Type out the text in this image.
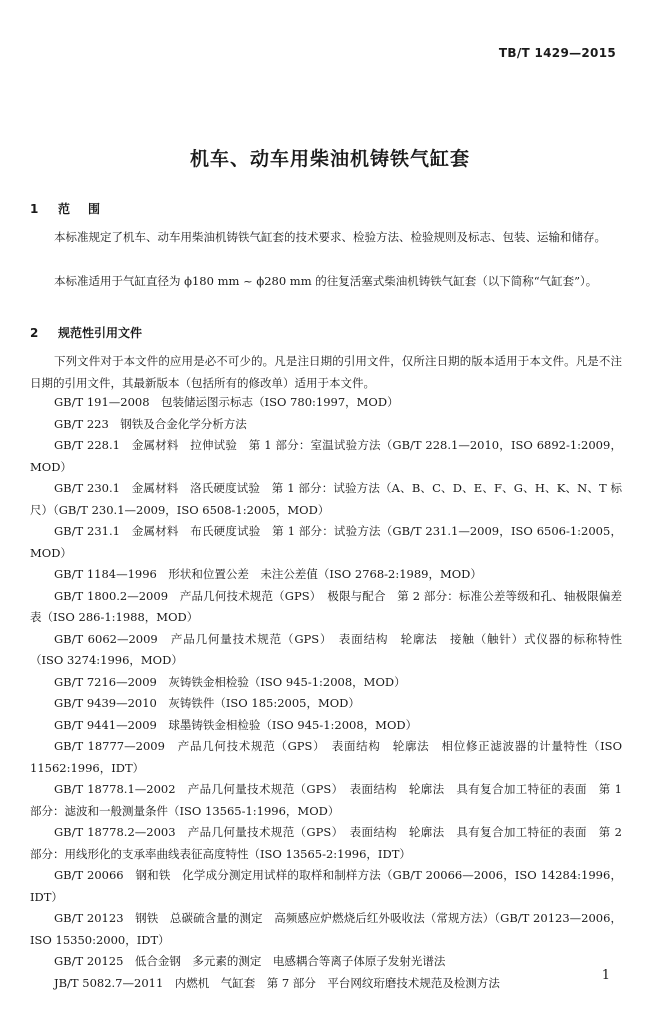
TB/T 1429—2015
机车、动车用柴油机铸铁气缸套
1 范围

本标准规定了机车、动车用柴油机铸铁气缸套的技术要求、检验方法、检验规则及标志、包装、运输和储存。

本标准适用于气缸直径为 ϕ180 mm ~ ϕ280 mm 的往复活塞式柴油机铸铁气缸套（以下简称“气缸套”）。

2 规范性引用文件

下列文件对于本文件的应用是必不可少的。凡是注日期的引用文件，仅所注日期的版本适用于本文件。凡是不注日期的引用文件，其最新版本（包括所有的修改单）适用于本文件。

GB/T 191—2008　包装储运图示标志（ISO 780:1997，MOD）
GB/T 223　钢铁及合金化学分析方法
GB/T 228.1　金属材料　拉伸试验　第 1 部分：室温试验方法（GB/T 228.1—2010，ISO 6892-1:2009，MOD）
GB/T 230.1　金属材料　洛氏硬度试验　第 1 部分：试验方法（A、B、C、D、E、F、G、H、K、N、T 标尺）（GB/T 230.1—2009，ISO 6508-1:2005，MOD）
GB/T 231.1　金属材料　布氏硬度试验　第 1 部分：试验方法（GB/T 231.1—2009，ISO 6506-1:2005，MOD）
GB/T 1184—1996　形状和位置公差　未注公差值（ISO 2768-2:1989，MOD）
GB/T 1800.2—2009　产品几何技术规范（GPS）　极限与配合　第 2 部分：标准公差等级和孔、轴极限偏差表（ISO 286-1:1988，MOD）
GB/T 6062—2009　产品几何量技术规范（GPS）　表面结构　轮廓法　接触（触针）式仪器的标称特性（ISO 3274:1996，MOD）
GB/T 7216—2009　灰铸铁金相检验（ISO 945-1:2008，MOD）
GB/T 9439—2010　灰铸铁件（ISO 185:2005，MOD）
GB/T 9441—2009　球墨铸铁金相检验（ISO 945-1:2008，MOD）
GB/T 18777—2009　产品几何技术规范（GPS）　表面结构　轮廓法　相位修正滤波器的计量特性（ISO 11562:1996，IDT）
GB/T 18778.1—2002　产品几何量技术规范（GPS）　表面结构　轮廓法　具有复合加工特征的表面　第 1 部分：滤波和一般测量条件（ISO 13565-1:1996，MOD）
GB/T 18778.2—2003　产品几何量技术规范（GPS）　表面结构　轮廓法　具有复合加工特征的表面　第 2 部分：用线形化的支承率曲线表征高度特性（ISO 13565-2:1996，IDT）
GB/T 20066　钢和铁　化学成分测定用试样的取样和制样方法（GB/T 20066—2006，ISO 14284:1996，IDT）
GB/T 20123　钢铁　总碳硫含量的测定　高频感应炉燃烧后红外吸收法（常规方法）（GB/T 20123—2006，ISO 15350:2000，IDT）
GB/T 20125　低合金钢　多元素的测定　电感耦合等离子体原子发射光谱法
JB/T 5082.7—2011　内燃机　气缸套　第 7 部分　平台网纹珩磨技术规范及检测方法	1
